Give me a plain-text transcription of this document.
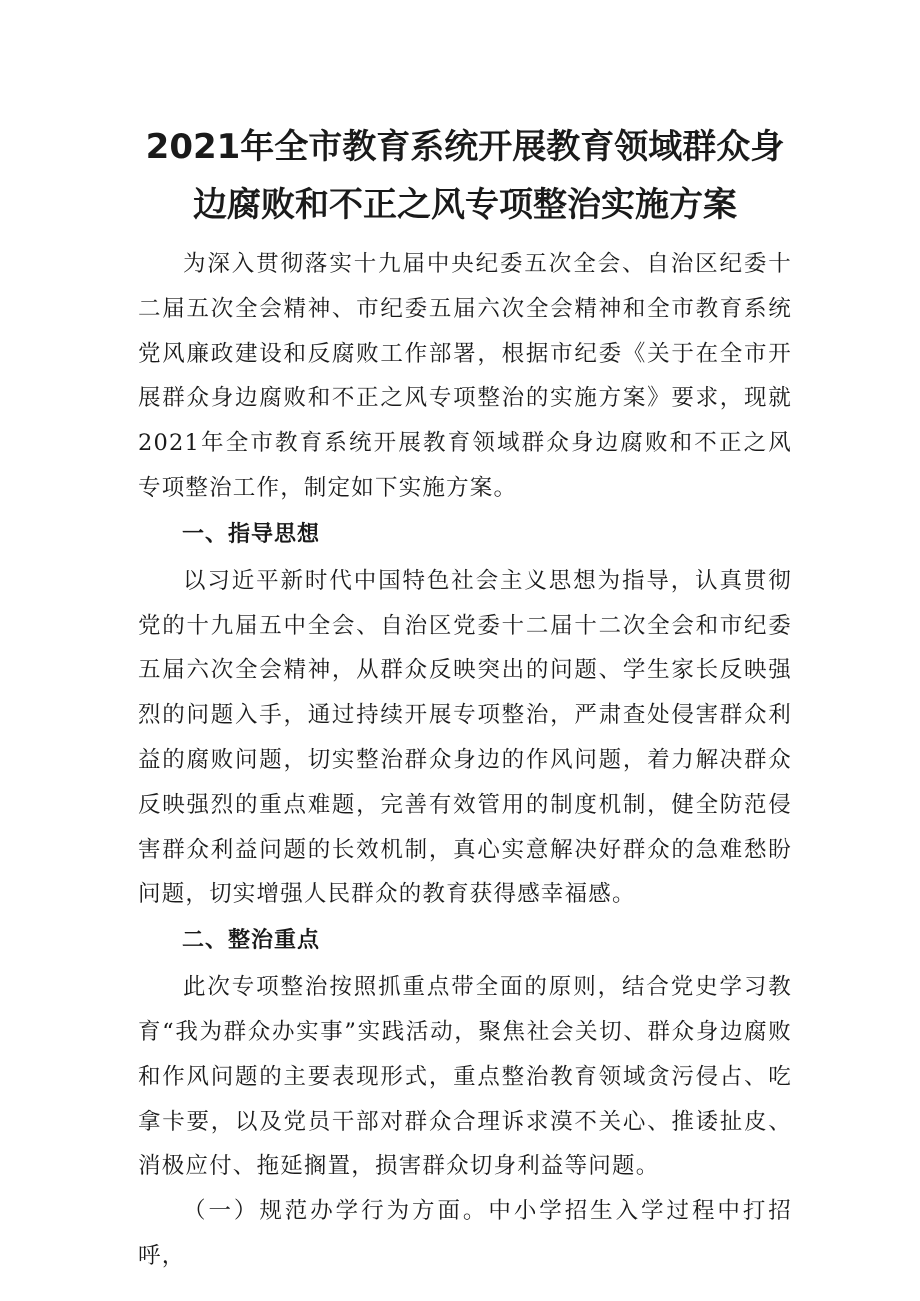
2021年全市教育系统开展教育领域群众身
边腐败和不正之风专项整治实施方案

为深入贯彻落实十九届中央纪委五次全会、自治区纪委十二届五次全会精神、市纪委五届六次全会精神和全市教育系统党风廉政建设和反腐败工作部署，根据市纪委《关于在全市开展群众身边腐败和不正之风专项整治的实施方案》要求，现就2021年全市教育系统开展教育领域群众身边腐败和不正之风专项整治工作，制定如下实施方案。

一、指导思想

以习近平新时代中国特色社会主义思想为指导，认真贯彻党的十九届五中全会、自治区党委十二届十二次全会和市纪委五届六次全会精神，从群众反映突出的问题、学生家长反映强烈的问题入手，通过持续开展专项整治，严肃查处侵害群众利益的腐败问题，切实整治群众身边的作风问题，着力解决群众反映强烈的重点难题，完善有效管用的制度机制，健全防范侵害群众利益问题的长效机制，真心实意解决好群众的急难愁盼问题，切实增强人民群众的教育获得感幸福感。

二、整治重点

此次专项整治按照抓重点带全面的原则，结合党史学习教育“我为群众办实事”实践活动，聚焦社会关切、群众身边腐败和作风问题的主要表现形式，重点整治教育领域贪污侵占、吃拿卡要，以及党员干部对群众合理诉求漠不关心、推诿扯皮、消极应付、拖延搁置，损害群众切身利益等问题。

（一）规范办学行为方面。中小学招生入学过程中打招呼，
